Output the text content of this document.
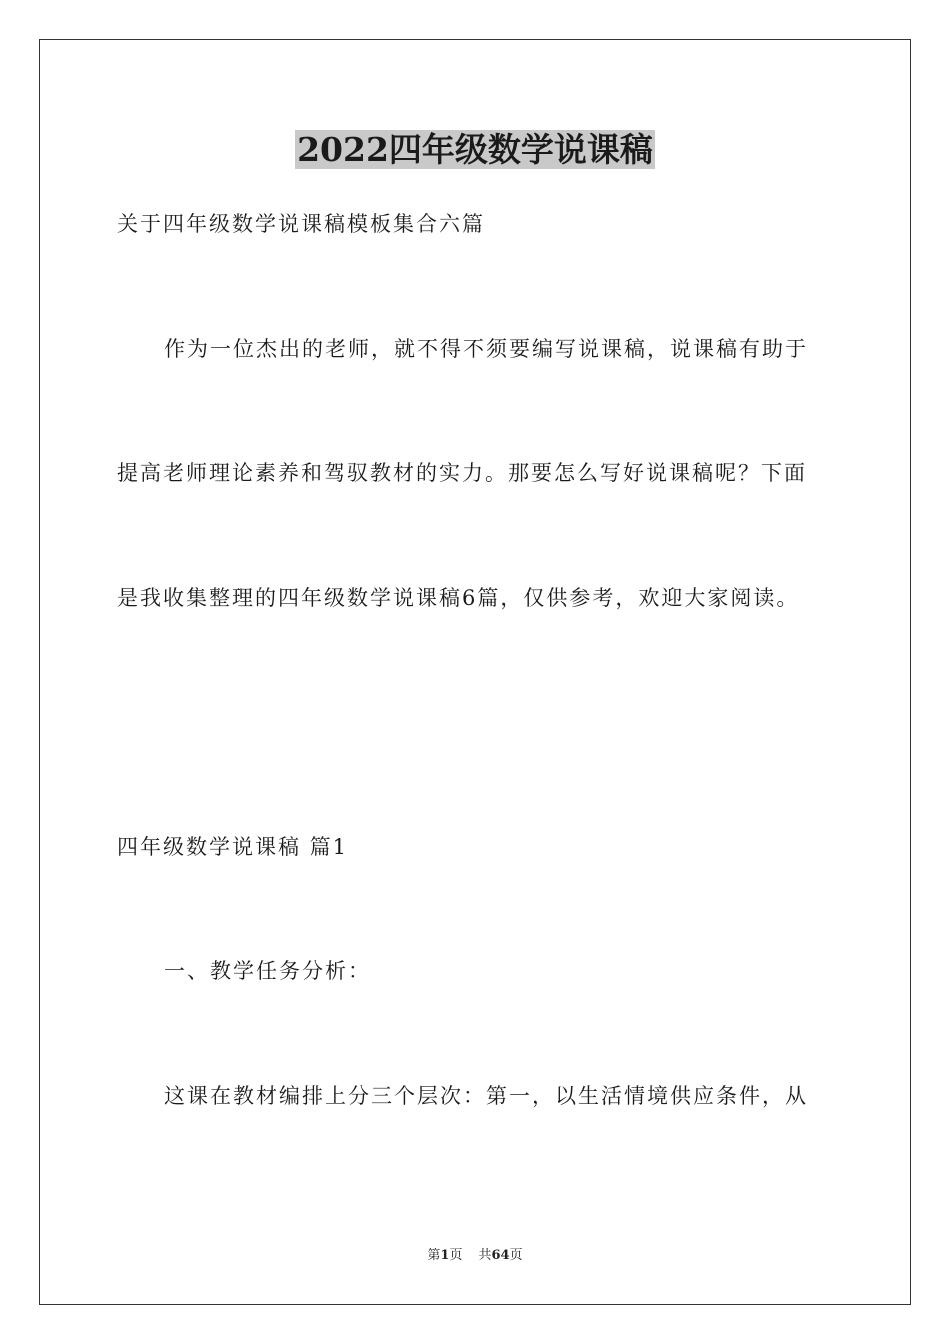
2022四年级数学说课稿

关于四年级数学说课稿模板集合六篇

作为一位杰出的老师，就不得不须要编写说课稿，说课稿有助于

提高老师理论素养和驾驭教材的实力。那要怎么写好说课稿呢？下面

是我收集整理的四年级数学说课稿6篇，仅供参考，欢迎大家阅读。

四年级数学说课稿 篇1

一、教学任务分析：

这课在教材编排上分三个层次：第一，以生活情境供应条件，从

第1页 共64页
